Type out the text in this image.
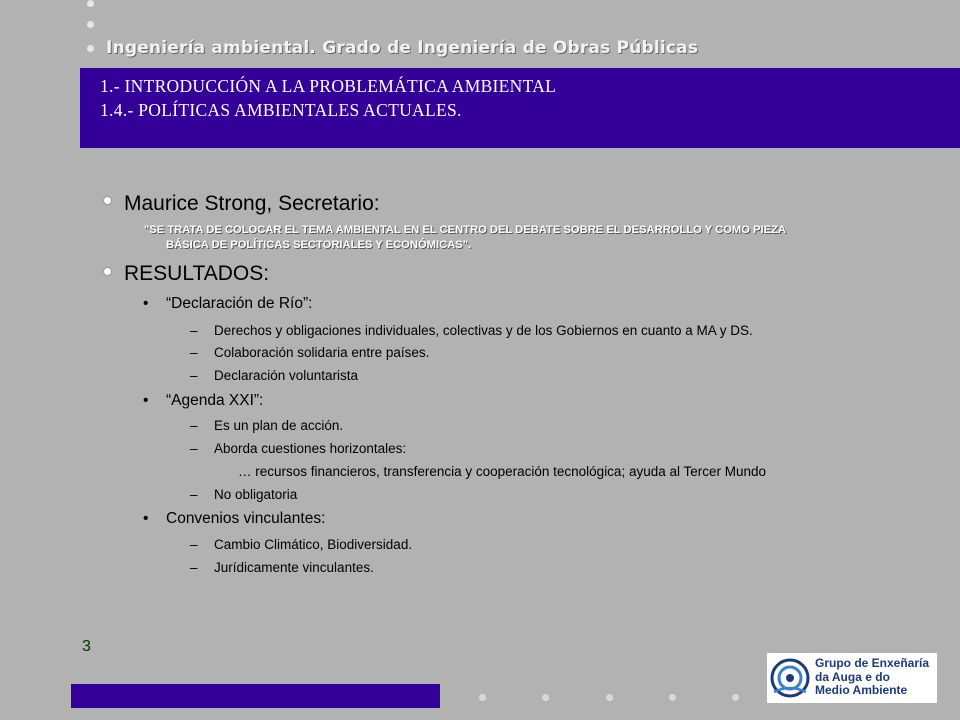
Ingeniería ambiental. Grado de Ingeniería de Obras Públicas
1.- INTRODUCCIÓN A LA PROBLEMÁTICA AMBIENTAL
1.4.- POLÍTICAS AMBIENTALES ACTUALES.
Maurice Strong, Secretario:
"SE TRATA DE COLOCAR EL TEMA AMBIENTAL EN EL CENTRO DEL DEBATE SOBRE EL DESARROLLO Y COMO PIEZA
BÁSICA DE POLÍTICAS SECTORIALES Y ECONÓMICAS".
RESULTADOS:
• “Declaración de Río”:
– Derechos y obligaciones individuales, colectivas y de los Gobiernos en cuanto a MA y DS.
– Colaboración solidaria entre países.
– Declaración voluntarista
• “Agenda XXI”:
– Es un plan de acción.
– Aborda cuestiones horizontales:
… recursos financieros, transferencia y cooperación tecnológica; ayuda al Tercer Mundo
– No obligatoria
• Convenios vinculantes:
– Cambio Climático, Biodiversidad.
– Jurídicamente vinculantes.
3
Grupo de Enxeñaría
da Auga e do
Medio Ambiente
